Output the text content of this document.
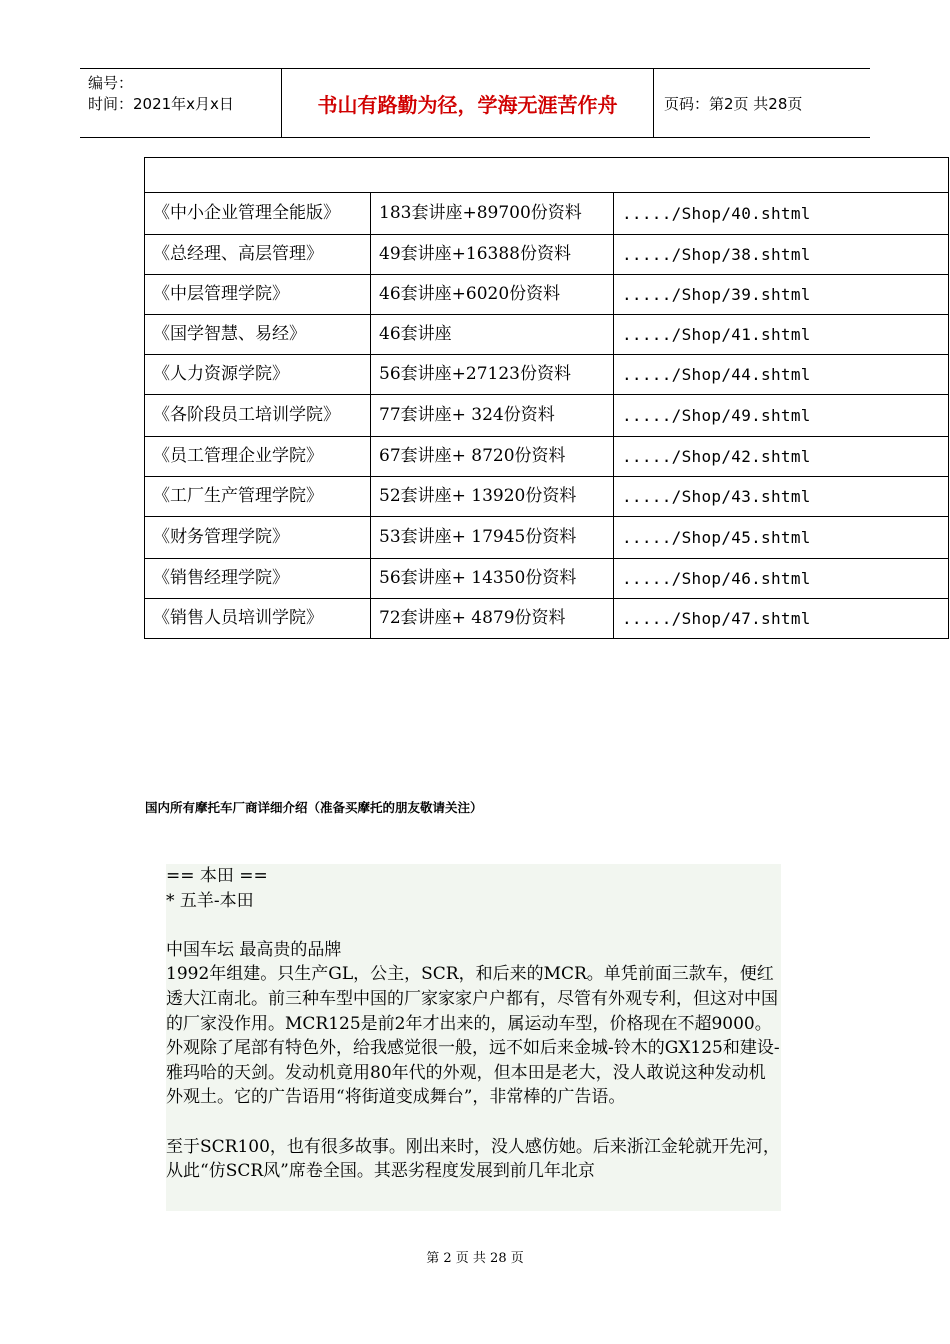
编号：
时间：2021年x月x日	书山有路勤为径，学海无涯苦作舟	页码：第2页 共28页

《中小企业管理全能版》	183套讲座+89700份资料	...../Shop/40.shtml
《总经理、高层管理》	49套讲座+16388份资料	...../Shop/38.shtml
《中层管理学院》	46套讲座+6020份资料	...../Shop/39.shtml
《国学智慧、易经》	46套讲座	...../Shop/41.shtml
《人力资源学院》	56套讲座+27123份资料	...../Shop/44.shtml
《各阶段员工培训学院》	77套讲座+ 324份资料	...../Shop/49.shtml
《员工管理企业学院》	67套讲座+ 8720份资料	...../Shop/42.shtml
《工厂生产管理学院》	52套讲座+ 13920份资料	...../Shop/43.shtml
《财务管理学院》	53套讲座+ 17945份资料	...../Shop/45.shtml
《销售经理学院》	56套讲座+ 14350份资料	...../Shop/46.shtml
《销售人员培训学院》	72套讲座+ 4879份资料	...../Shop/47.shtml
国内所有摩托车厂商详细介绍（准备买摩托的朋友敬请关注）

== 本田 ==

* 五羊-本田

中国车坛 最高贵的品牌

1992年组建。只生产GL，公主，SCR，和后来的MCR。单凭前面三款车，便红透大江南北。前三种车型中国的厂家家家户户都有，尽管有外观专利，但这对中国的厂家没作用。MCR125是前2年才出来的，属运动车型，价格现在不超9000。外观除了尾部有特色外，给我感觉很一般，远不如后来金城-铃木的GX125和建设-雅玛哈的天剑。发动机竟用80年代的外观，但本田是老大，没人敢说这种发动机外观土。它的广告语用“将街道变成舞台”，非常棒的广告语。

至于SCR100，也有很多故事。刚出来时，没人感仿她。后来浙江金轮就开先河，从此“仿SCR风”席卷全国。其恶劣程度发展到前几年北京

第 2 页 共 28 页
